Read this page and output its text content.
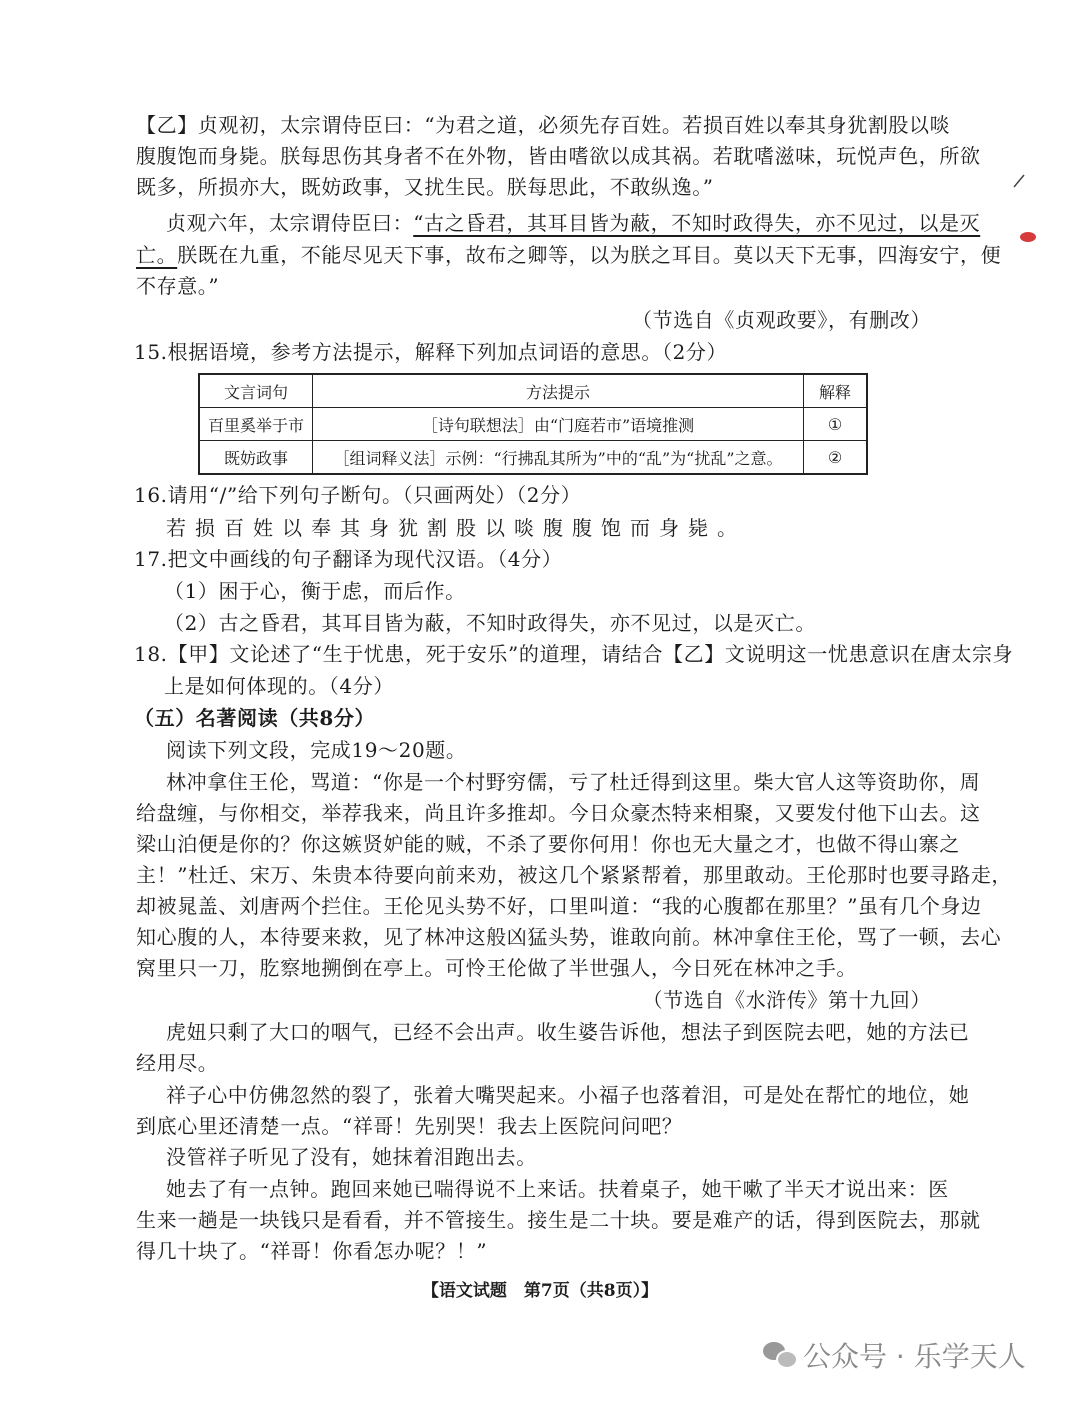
【乙】贞观初，太宗谓侍臣曰：“为君之道，必须先存百姓。若损百姓以奉其身犹割股以啖
腹腹饱而身毙。朕每思伤其身者不在外物，皆由嗜欲以成其祸。若耽嗜滋味，玩悦声色，所欲
既多，所损亦大，既妨政事，又扰生民。朕每思此，不敢纵逸。”
贞观六年，太宗谓侍臣曰：“古之昏君，其耳目皆为蔽，不知时政得失，亦不见过，以是灭
亡。朕既在九重，不能尽见天下事，故布之卿等，以为朕之耳目。莫以天下无事，四海安宁，便
不存意。”
（节选自《贞观政要》，有删改）
15.根据语境，参考方法提示，解释下列加点词语的意思。（2分）
文言词句	方法提示	解释
百里奚举于市	［诗句联想法］由“门庭若市”语境推测	①
既妨政事	［组词释义法］示例：“行拂乱其所为”中的“乱”为“扰乱”之意。	②
16.请用“/”给下列句子断句。（只画两处）（2分）
若损百姓以奉其身犹割股以啖腹腹饱而身毙。
17.把文中画线的句子翻译为现代汉语。（4分）
（1）困于心，衡于虑，而后作。
（2）古之昏君，其耳目皆为蔽，不知时政得失，亦不见过，以是灭亡。
18.【甲】文论述了“生于忧患，死于安乐”的道理，请结合【乙】文说明这一忧患意识在唐太宗身
上是如何体现的。（4分）
（五）名著阅读（共8分）
阅读下列文段，完成19～20题。
林冲拿住王伦，骂道：“你是一个村野穷儒，亏了杜迁得到这里。柴大官人这等资助你，周
给盘缠，与你相交，举荐我来，尚且许多推却。今日众豪杰特来相聚，又要发付他下山去。这
梁山泊便是你的？你这嫉贤妒能的贼，不杀了要你何用！你也无大量之才，也做不得山寨之
主！”杜迁、宋万、朱贵本待要向前来劝，被这几个紧紧帮着，那里敢动。王伦那时也要寻路走，
却被晁盖、刘唐两个拦住。王伦见头势不好，口里叫道：“我的心腹都在那里？”虽有几个身边
知心腹的人，本待要来救，见了林冲这般凶猛头势，谁敢向前。林冲拿住王伦，骂了一顿，去心
窝里只一刀，肐察地搠倒在亭上。可怜王伦做了半世强人，今日死在林冲之手。
（节选自《水浒传》第十九回）
虎妞只剩了大口的咽气，已经不会出声。收生婆告诉他，想法子到医院去吧，她的方法已
经用尽。
祥子心中仿佛忽然的裂了，张着大嘴哭起来。小福子也落着泪，可是处在帮忙的地位，她
到底心里还清楚一点。“祥哥！先别哭！我去上医院问问吧？
没管祥子听见了没有，她抹着泪跑出去。
她去了有一点钟。跑回来她已喘得说不上来话。扶着桌子，她干嗽了半天才说出来：医
生来一趟是一块钱只是看看，并不管接生。接生是二十块。要是难产的话，得到医院去，那就
得几十块了。“祥哥！你看怎办呢？！”
【语文试题　第7页（共8页）】
公众号 · 乐学天人
